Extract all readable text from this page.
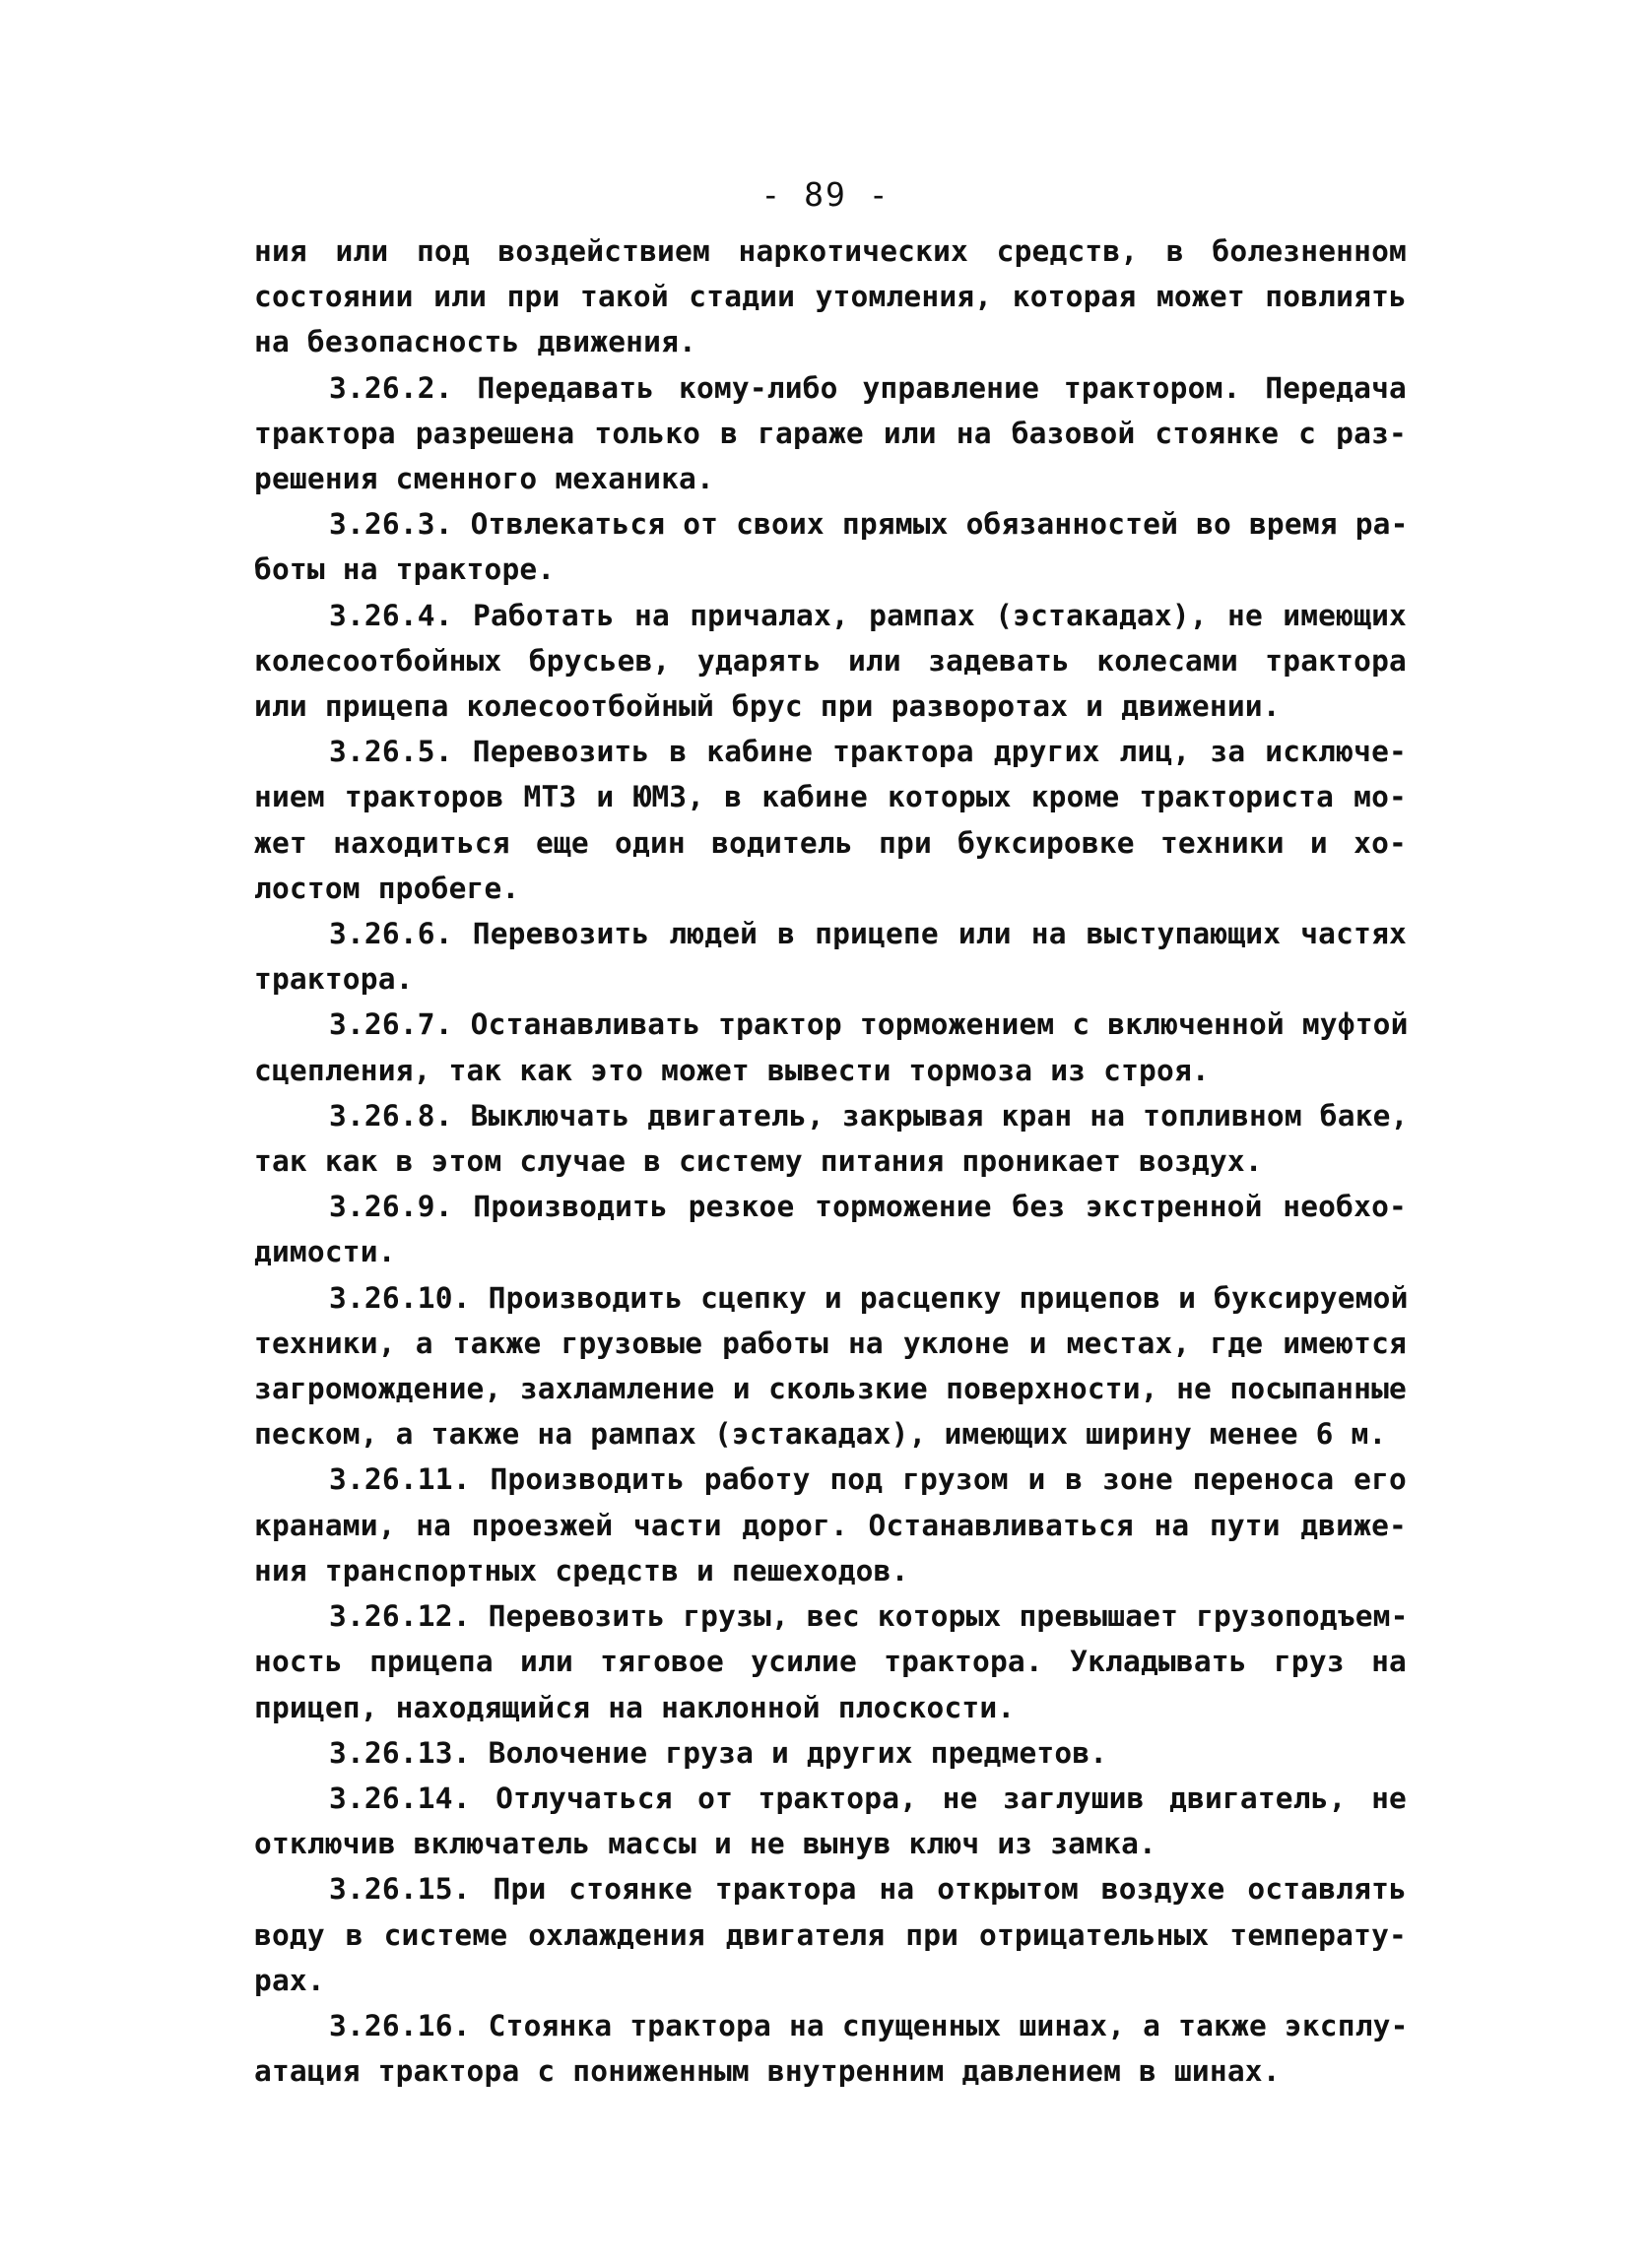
- 89 -
ния или под воздействием наркотических средств, в болезненном
состоянии или при такой стадии утомления, которая может повлиять
на безопасность движения.
3.26.2. Передавать кому-либо управление трактором. Передача
трактора разрешена только в гараже или на базовой стоянке с раз-
решения сменного механика.
3.26.3. Отвлекаться от своих прямых обязанностей во время ра-
боты на тракторе.
3.26.4. Работать на причалах, рампах (эстакадах), не имеющих
колесоотбойных брусьев, ударять или задевать колесами трактора
или прицепа колесоотбойный брус при разворотах и движении.
3.26.5. Перевозить в кабине трактора других лиц, за исключе-
нием тракторов МТЗ и ЮМЗ, в кабине которых кроме тракториста мо-
жет находиться еще один водитель при буксировке техники и хо-
лостом пробеге.
3.26.6. Перевозить людей в прицепе или на выступающих частях
трактора.
3.26.7. Останавливать трактор торможением с включенной муфтой
сцепления, так как это может вывести тормоза из строя.
3.26.8. Выключать двигатель, закрывая кран на топливном баке,
так как в этом случае в систему питания проникает воздух.
3.26.9. Производить резкое торможение без экстренной необхо-
димости.
3.26.10. Производить сцепку и расцепку прицепов и буксируемой
техники, а также грузовые работы на уклоне и местах, где имеются
загромождение, захламление и скользкие поверхности, не посыпанные
песком, а также на рампах (эстакадах), имеющих ширину менее 6 м.
3.26.11. Производить работу под грузом и в зоне переноса его
кранами, на проезжей части дорог. Останавливаться на пути движе-
ния транспортных средств и пешеходов.
3.26.12. Перевозить грузы, вес которых превышает грузоподъем-
ность прицепа или тяговое усилие трактора. Укладывать груз на
прицеп, находящийся на наклонной плоскости.
3.26.13. Волочение груза и других предметов.
3.26.14. Отлучаться от трактора, не заглушив двигатель, не
отключив включатель массы и не вынув ключ из замка.
3.26.15. При стоянке трактора на открытом воздухе оставлять
воду в системе охлаждения двигателя при отрицательных температу-
рах.
3.26.16. Стоянка трактора на спущенных шинах, а также эксплу-
атация трактора с пониженным внутренним давлением в шинах.
